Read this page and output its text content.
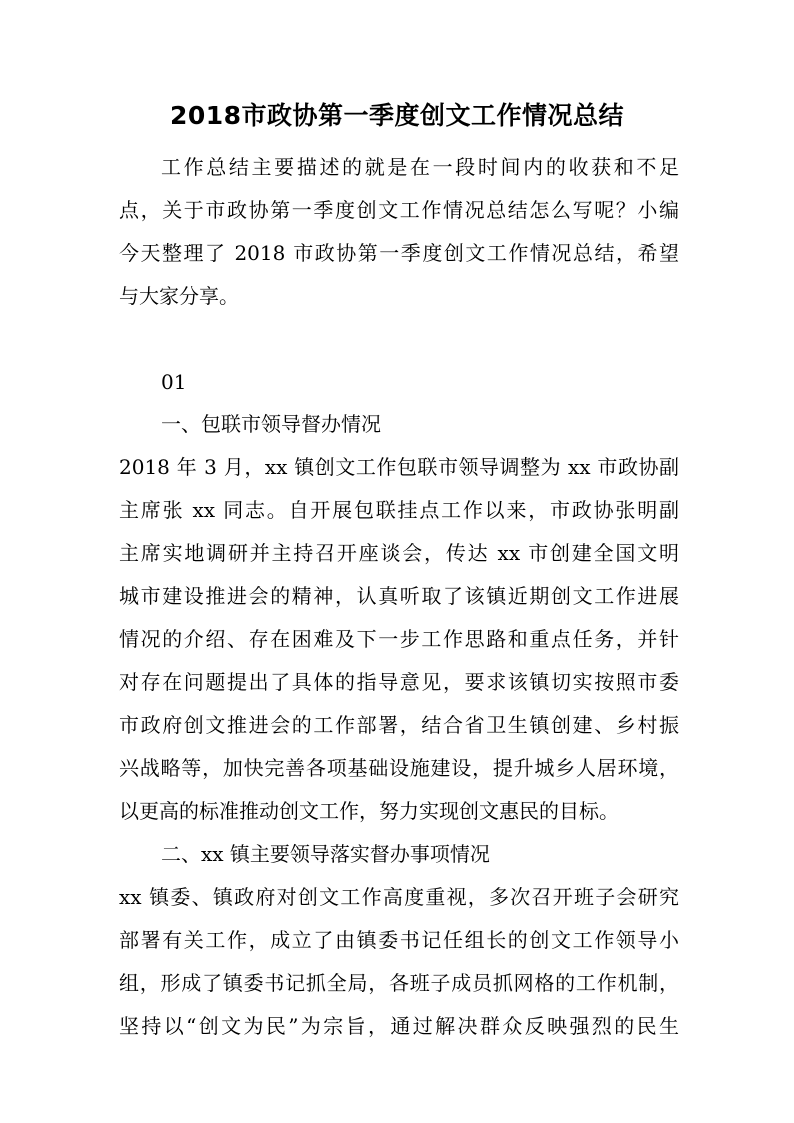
2018市政协第一季度创文工作情况总结
工作总结主要描述的就是在一段时间内的收获和不足
点，关于市政协第一季度创文工作情况总结怎么写呢？小编
今天整理了 2018 市政协第一季度创文工作情况总结，希望
与大家分享。
01
一、包联市领导督办情况
2018 年 3 月，xx 镇创文工作包联市领导调整为 xx 市政协副
主席张 xx 同志。自开展包联挂点工作以来，市政协张明副
主席实地调研并主持召开座谈会，传达 xx 市创建全国文明
城市建设推进会的精神，认真听取了该镇近期创文工作进展
情况的介绍、存在困难及下一步工作思路和重点任务，并针
对存在问题提出了具体的指导意见，要求该镇切实按照市委
市政府创文推进会的工作部署，结合省卫生镇创建、乡村振
兴战略等，加快完善各项基础设施建设，提升城乡人居环境，
以更高的标准推动创文工作，努力实现创文惠民的目标。
二、xx 镇主要领导落实督办事项情况
xx 镇委、镇政府对创文工作高度重视，多次召开班子会研究
部署有关工作，成立了由镇委书记任组长的创文工作领导小
组，形成了镇委书记抓全局，各班子成员抓网格的工作机制，
坚持以“创文为民”为宗旨，通过解决群众反映强烈的民生
